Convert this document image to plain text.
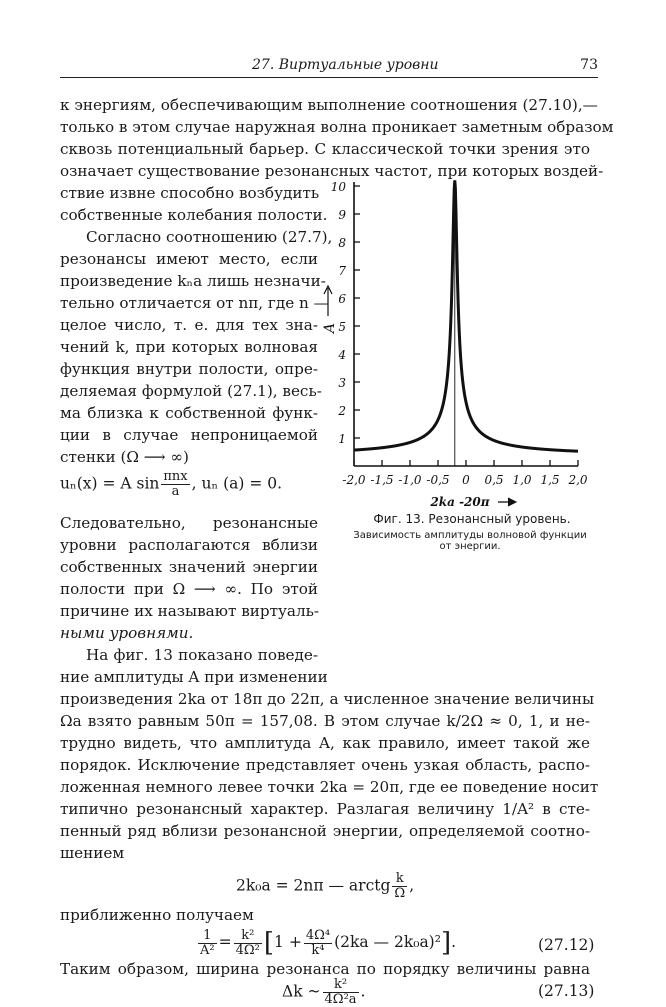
27. Виртуальные уровни	73
к энергиям, обеспечивающим выполнение соотношения (27.10),—
только в этом случае наружная волна проникает заметным образом
сквозь потенциальный барьер. С классической точки зрения это
означает существование резонансных частот, при которых воздей-
ствие извне способно возбудить
собственные колебания полости.
Согласно соотношению (27.7),
резонансы имеют место, если
произведение kₙa лишь незначи-
тельно отличается от nπ, где n —
целое число, т. е. для тех зна-
чений k, при которых волновая
функция внутри полости, опре-
деляемая формулой (27.1), весь-
ма близка к собственной функ-
ции в случае непроницаемой
стенки (Ω ⟶ ∞)
uₙ(x) = A $\sin \frac{\text{πnx}}{a}$ , uₙ (a) = 0.
Следовательно, резонансные
уровни располагаются вблизи
собственных значений энергии
полости при Ω ⟶ ∞. По этой
причине их называют виртуаль-
ными уровнями.
На фиг. 13 показано поведе-
ние амплитуды A при изменении
произведения 2ka от 18π до 22π, а численное значение величины
Ωa взято равным 50π = 157,08. В этом случае k/2Ω ≈ 0, 1, и не-
трудно видеть, что амплитуда A, как правило, имеет такой же
порядок. Исключение представляет очень узкая область, распо-
ложенная немного левее точки 2ka = 20π, где ее поведение носит
типично резонансный характер. Разлагая величину 1/A² в сте-
пенный ряд вблизи резонансной энергии, определяемой соотно-
шением
2k₀a = 2nπ — arctg $\frac{k}{\Omega}$ ,
приближенно получаем
$\frac{1}{\text{A²}} = \frac{\text{k²}}{\text{4Ω²}} [1 + \frac{\text{4Ω⁴}}{\text{k⁴}} (2ka$ — 2k₀a)²].	(27.12)
Таким образом, ширина резонанса по порядку величины равна
Δk ~ $\frac{\text{k²}}{\text{4Ω²a}}$ .	(27.13)
1
2
3
4
5
6
7
8
9
10
-2,0 -1,5 -1,0 -0,5 0 0,5 1,0 1,5 2,0
A
2ka -20π
Фиг. 13. Резонансный уровень.
Зависимость амплитуды волновой функции
от энергии.
